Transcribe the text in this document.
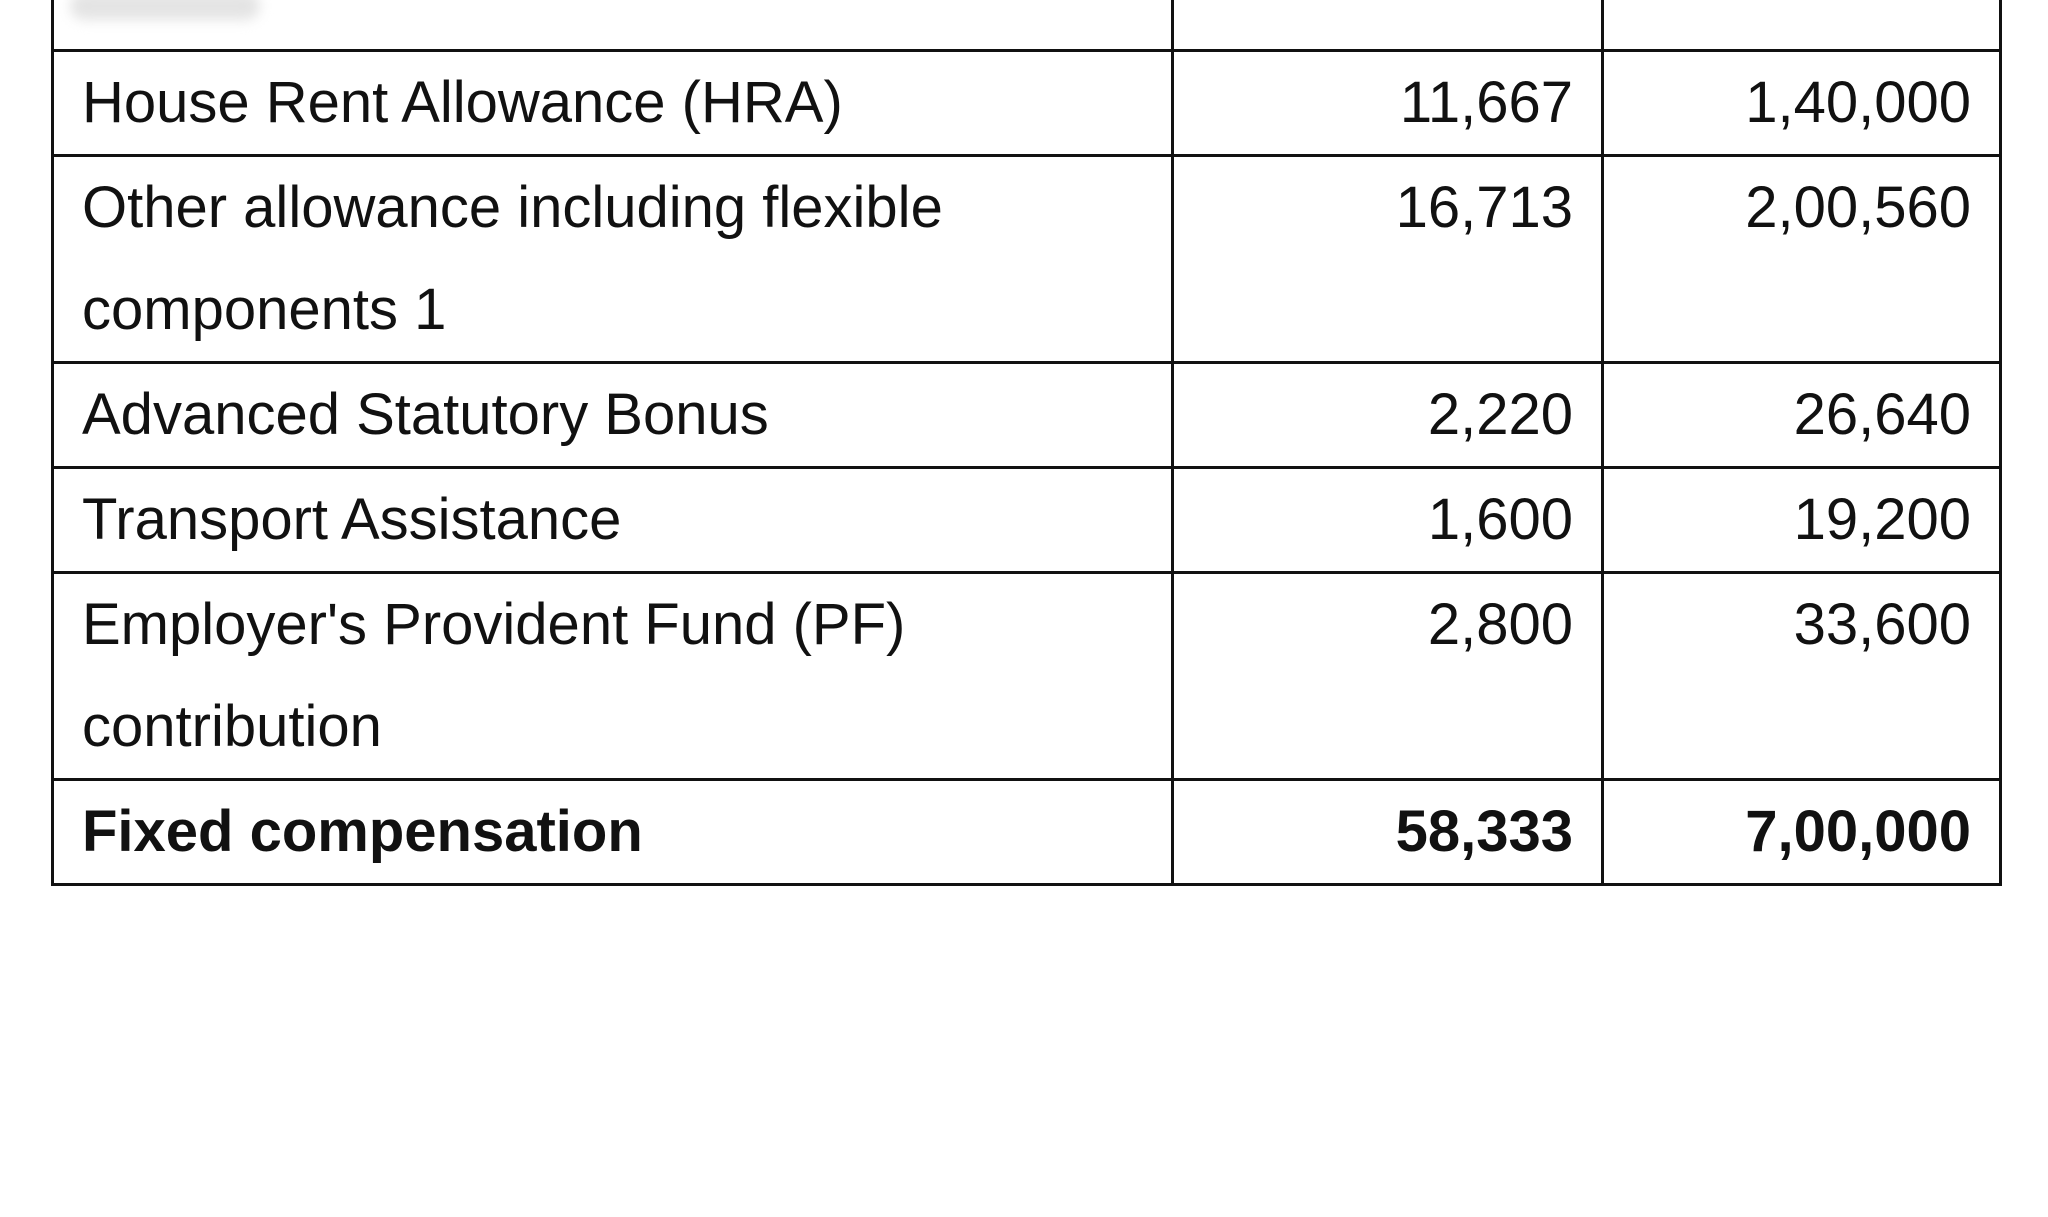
House Rent Allowance (HRA)	11,667	1,40,000
Other allowance including flexible components 1	16,713	2,00,560
Advanced Statutory Bonus	2,220	26,640
Transport Assistance	1,600	19,200
Employer's Provident Fund (PF) contribution	2,800	33,600
Fixed compensation	58,333	7,00,000
